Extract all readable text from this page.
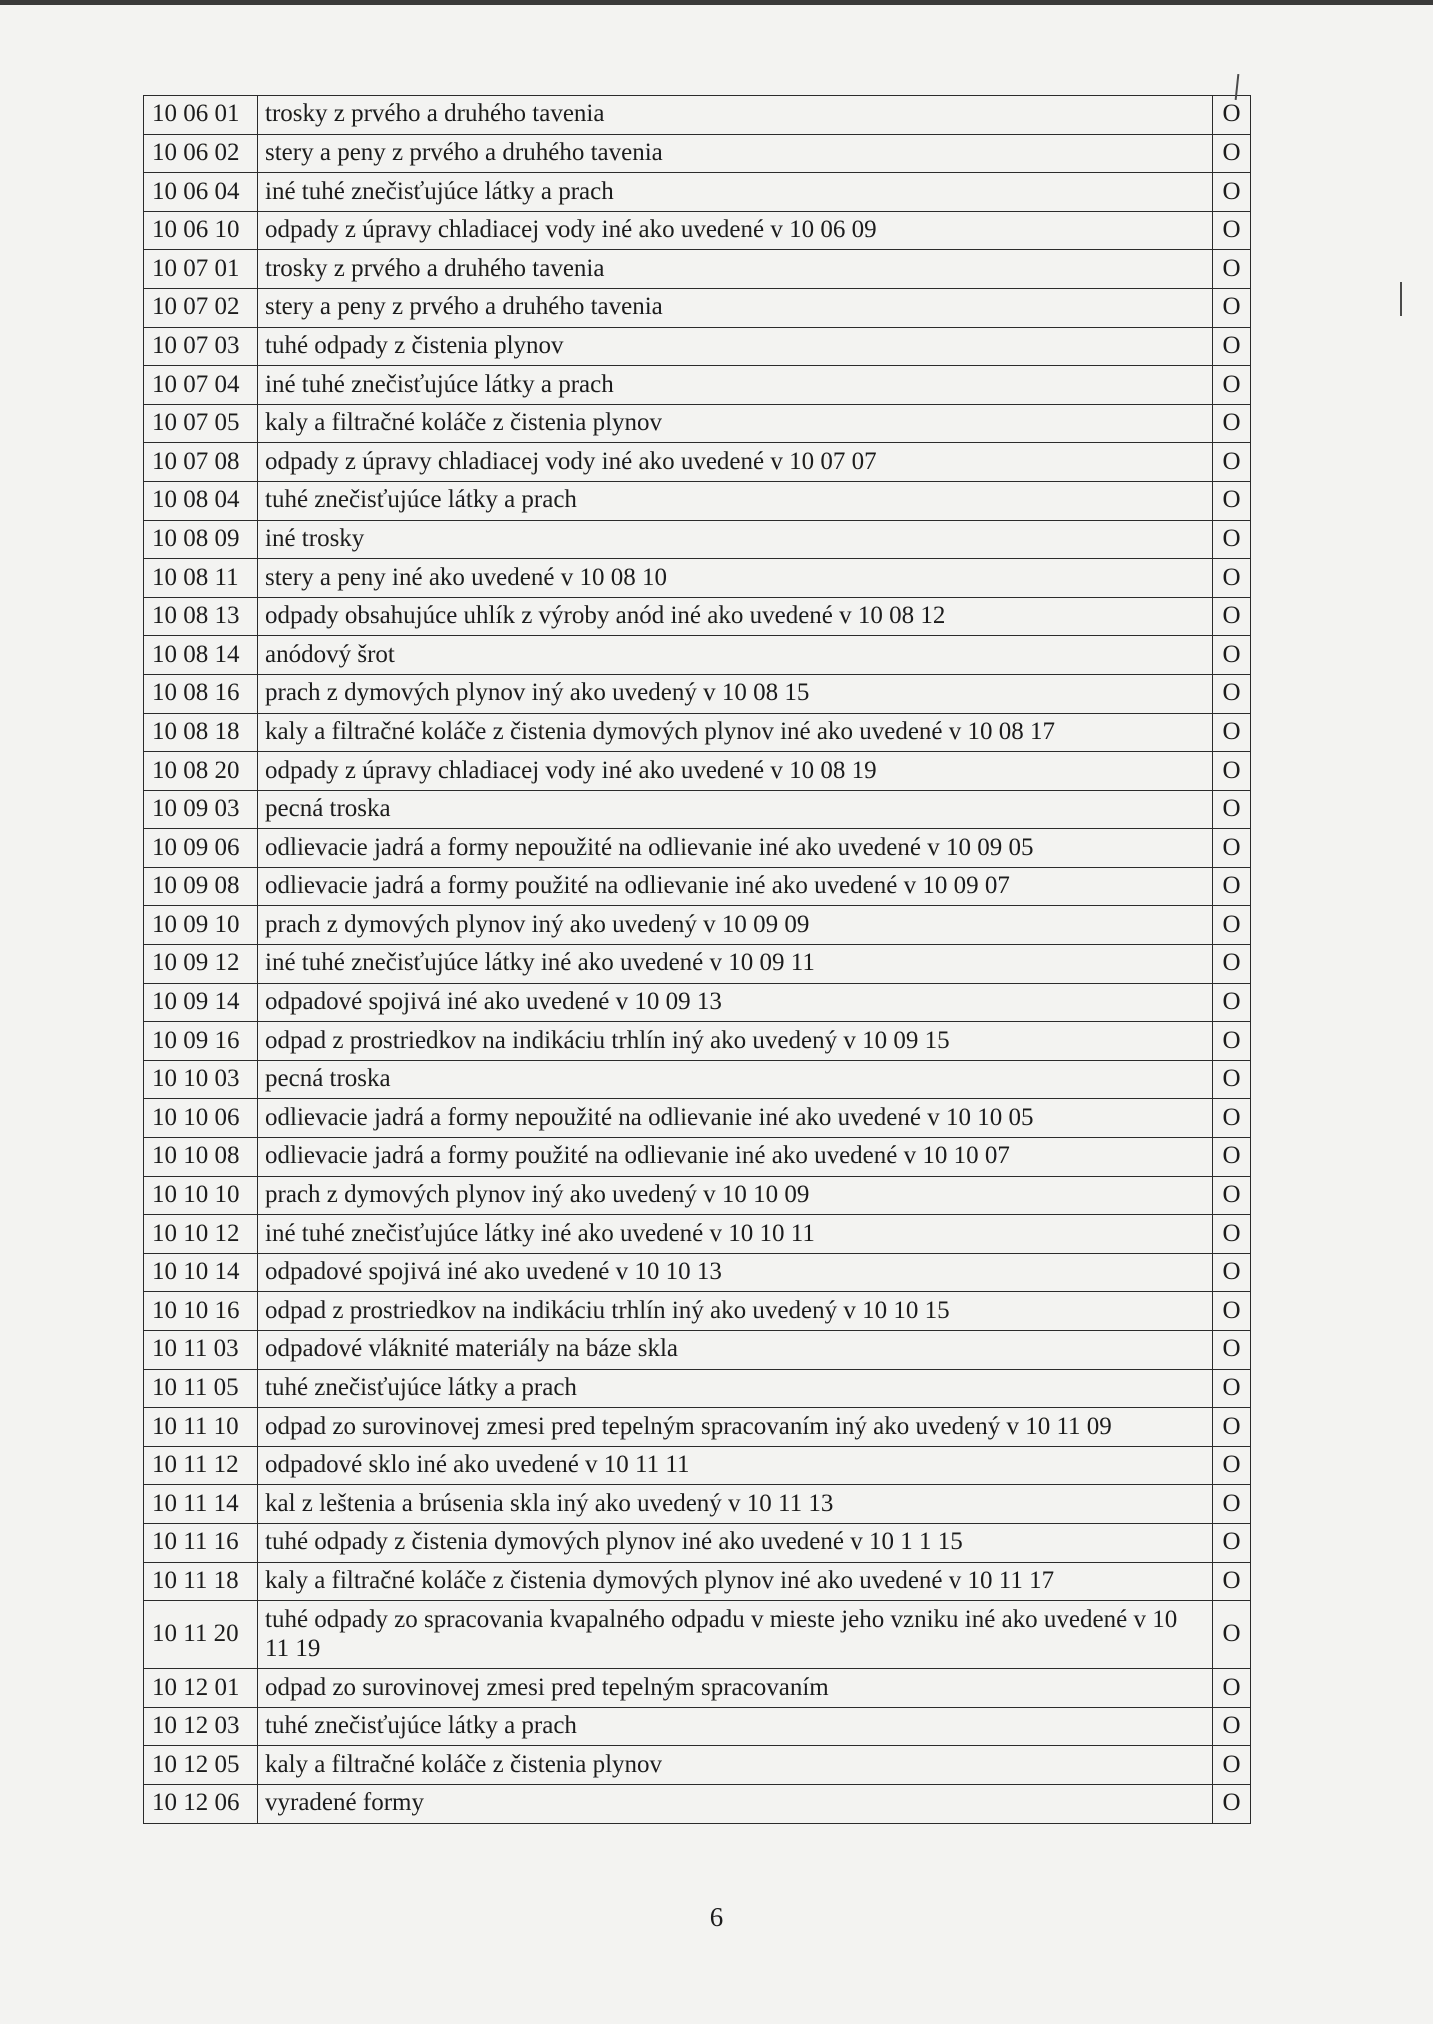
10 06 01	trosky z prvého a druhého tavenia	O
10 06 02	stery a peny z prvého a druhého tavenia	O
10 06 04	iné tuhé znečisťujúce látky a prach	O
10 06 10	odpady z úpravy chladiacej vody iné ako uvedené v 10 06 09	O
10 07 01	trosky z prvého a druhého tavenia	O
10 07 02	stery a peny z prvého a druhého tavenia	O
10 07 03	tuhé odpady z čistenia plynov	O
10 07 04	iné tuhé znečisťujúce látky a prach	O
10 07 05	kaly a filtračné koláče z čistenia plynov	O
10 07 08	odpady z úpravy chladiacej vody iné ako uvedené v 10 07 07	O
10 08 04	tuhé znečisťujúce látky a prach	O
10 08 09	iné trosky	O
10 08 11	stery a peny iné ako uvedené v 10 08 10	O
10 08 13	odpady obsahujúce uhlík z výroby anód iné ako uvedené v 10 08 12	O
10 08 14	anódový šrot	O
10 08 16	prach z dymových plynov iný ako uvedený v 10 08 15	O
10 08 18	kaly a filtračné koláče z čistenia dymových plynov iné ako uvedené v 10 08 17	O
10 08 20	odpady z úpravy chladiacej vody iné ako uvedené v 10 08 19	O
10 09 03	pecná troska	O
10 09 06	odlievacie jadrá a formy nepoužité na odlievanie iné ako uvedené v 10 09 05	O
10 09 08	odlievacie jadrá a formy použité na odlievanie iné ako uvedené v 10 09 07	O
10 09 10	prach z dymových plynov iný ako uvedený v 10 09 09	O
10 09 12	iné tuhé znečisťujúce látky iné ako uvedené v 10 09 11	O
10 09 14	odpadové spojivá iné ako uvedené v 10 09 13	O
10 09 16	odpad z prostriedkov na indikáciu trhlín iný ako uvedený v 10 09 15	O
10 10 03	pecná troska	O
10 10 06	odlievacie jadrá a formy nepoužité na odlievanie iné ako uvedené v 10 10 05	O
10 10 08	odlievacie jadrá a formy použité na odlievanie iné ako uvedené v 10 10 07	O
10 10 10	prach z dymových plynov iný ako uvedený v 10 10 09	O
10 10 12	iné tuhé znečisťujúce látky iné ako uvedené v 10 10 11	O
10 10 14	odpadové spojivá iné ako uvedené v 10 10 13	O
10 10 16	odpad z prostriedkov na indikáciu trhlín iný ako uvedený v 10 10 15	O
10 11 03	odpadové vláknité materiály na báze skla	O
10 11 05	tuhé znečisťujúce látky a prach	O
10 11 10	odpad zo surovinovej zmesi pred tepelným spracovaním iný ako uvedený v 10 11 09	O
10 11 12	odpadové sklo iné ako uvedené v 10 11 11	O
10 11 14	kal z leštenia a brúsenia skla iný ako uvedený v 10 11 13	O
10 11 16	tuhé odpady z čistenia dymových plynov iné ako uvedené v 10 1 1 15	O
10 11 18	kaly a filtračné koláče z čistenia dymových plynov iné ako uvedené v 10 11 17	O
10 11 20	tuhé odpady zo spracovania kvapalného odpadu v mieste jeho vzniku iné ako uvedené v 10 11 19	O
10 12 01	odpad zo surovinovej zmesi pred tepelným spracovaním	O
10 12 03	tuhé znečisťujúce látky a prach	O
10 12 05	kaly a filtračné koláče z čistenia plynov	O
10 12 06	vyradené formy	O
6
